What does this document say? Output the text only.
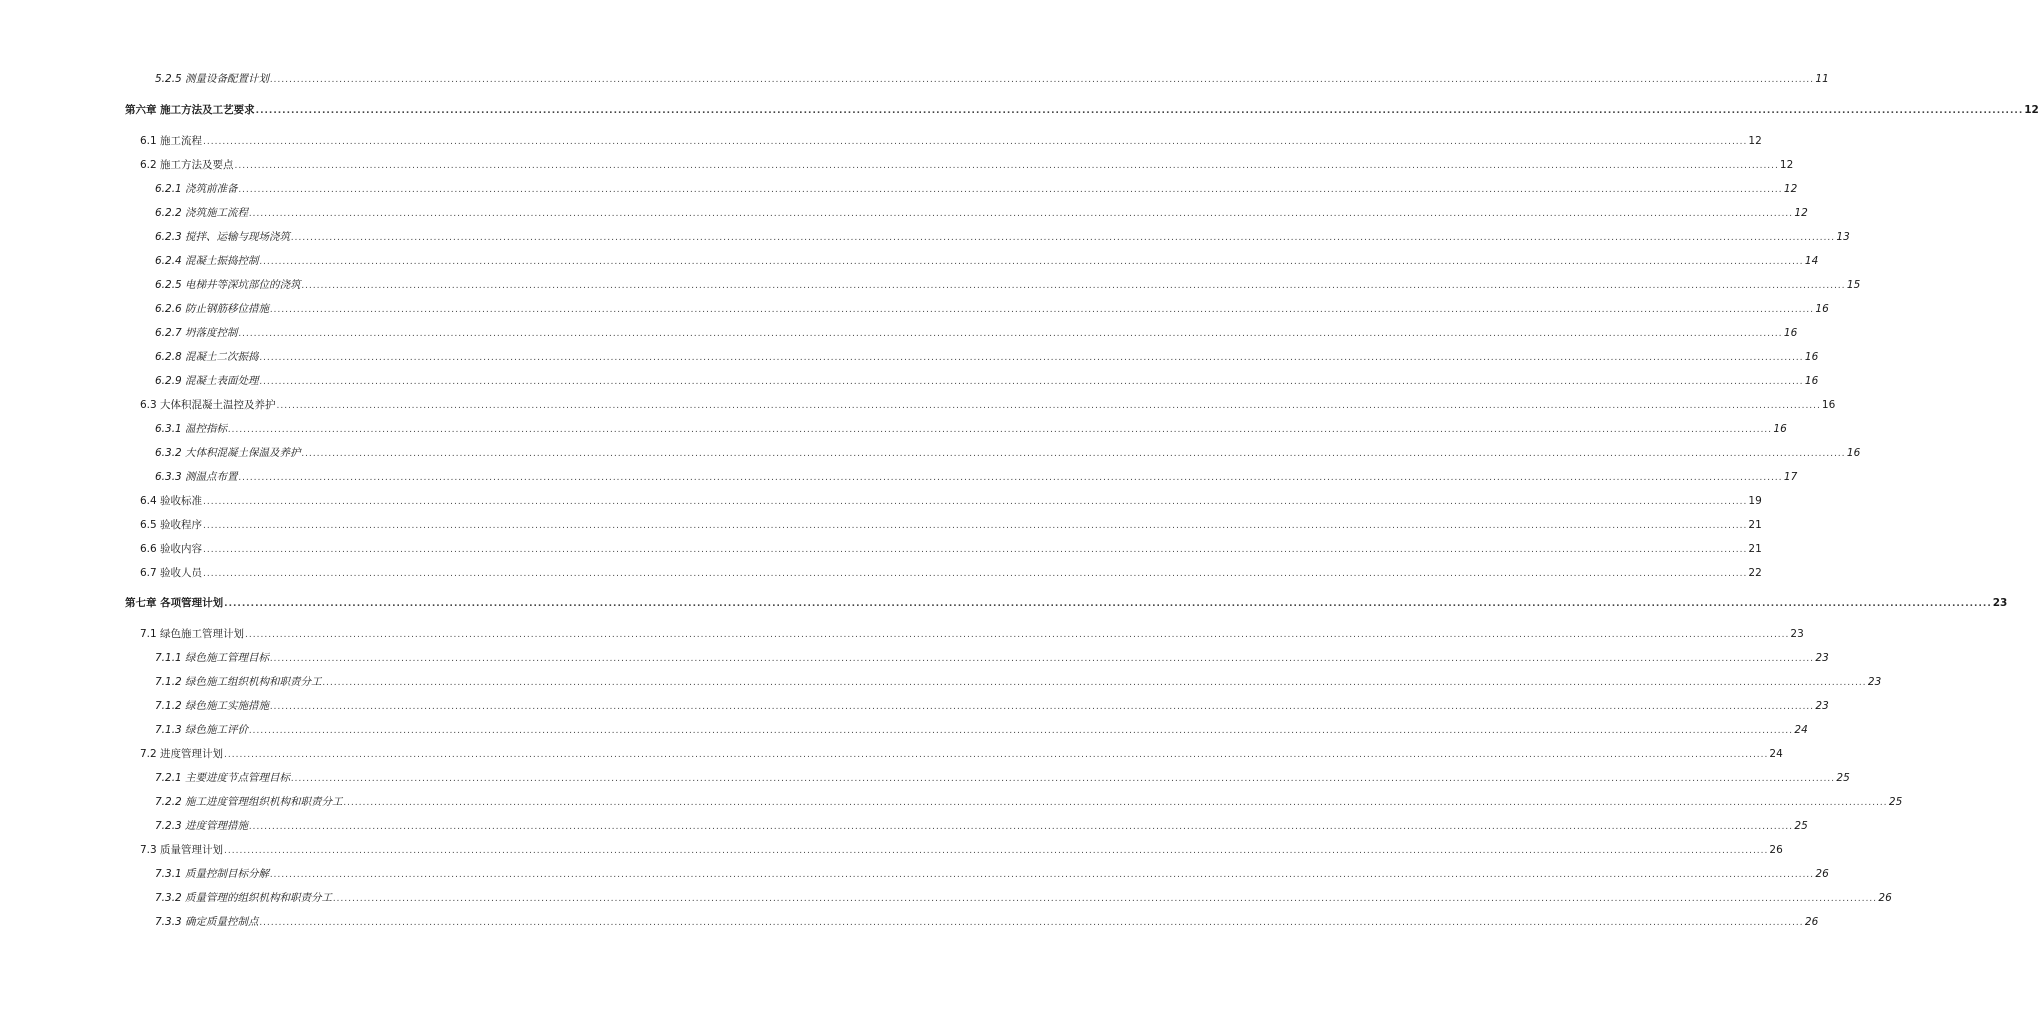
5.2.5 测量设备配置计划 ................................................................................................................................................................................................................................................................................................................................................................................................................ 11
第六章 施工方法及工艺要求 ................................................................................................................................................................................................................................................................................................................................................................................................................ 12
6.1 施工流程 ................................................................................................................................................................................................................................................................................................................................................................................................................ 12
6.2 施工方法及要点 ................................................................................................................................................................................................................................................................................................................................................................................................................ 12
6.2.1 浇筑前准备 ................................................................................................................................................................................................................................................................................................................................................................................................................ 12
6.2.2 浇筑施工流程 ................................................................................................................................................................................................................................................................................................................................................................................................................ 12
6.2.3 搅拌、运输与现场浇筑 ................................................................................................................................................................................................................................................................................................................................................................................................................ 13
6.2.4 混凝土振捣控制 ................................................................................................................................................................................................................................................................................................................................................................................................................ 14
6.2.5 电梯井等深坑部位的浇筑 ................................................................................................................................................................................................................................................................................................................................................................................................................ 15
6.2.6 防止钢筋移位措施 ................................................................................................................................................................................................................................................................................................................................................................................................................ 16
6.2.7 坍落度控制 ................................................................................................................................................................................................................................................................................................................................................................................................................ 16
6.2.8 混凝土二次振捣 ................................................................................................................................................................................................................................................................................................................................................................................................................ 16
6.2.9 混凝土表面处理 ................................................................................................................................................................................................................................................................................................................................................................................................................ 16
6.3 大体积混凝土温控及养护 ................................................................................................................................................................................................................................................................................................................................................................................................................ 16
6.3.1 温控指标 ................................................................................................................................................................................................................................................................................................................................................................................................................ 16
6.3.2 大体积混凝土保温及养护 ................................................................................................................................................................................................................................................................................................................................................................................................................ 16
6.3.3 测温点布置 ................................................................................................................................................................................................................................................................................................................................................................................................................ 17
6.4 验收标准 ................................................................................................................................................................................................................................................................................................................................................................................................................ 19
6.5 验收程序 ................................................................................................................................................................................................................................................................................................................................................................................................................ 21
6.6 验收内容 ................................................................................................................................................................................................................................................................................................................................................................................................................ 21
6.7 验收人员 ................................................................................................................................................................................................................................................................................................................................................................................................................ 22
第七章 各项管理计划 ................................................................................................................................................................................................................................................................................................................................................................................................................ 23
7.1 绿色施工管理计划 ................................................................................................................................................................................................................................................................................................................................................................................................................ 23
7.1.1 绿色施工管理目标 ................................................................................................................................................................................................................................................................................................................................................................................................................ 23
7.1.2 绿色施工组织机构和职责分工 ................................................................................................................................................................................................................................................................................................................................................................................................................ 23
7.1.2 绿色施工实施措施 ................................................................................................................................................................................................................................................................................................................................................................................................................ 23
7.1.3 绿色施工评价 ................................................................................................................................................................................................................................................................................................................................................................................................................ 24
7.2 进度管理计划 ................................................................................................................................................................................................................................................................................................................................................................................................................ 24
7.2.1 主要进度节点管理目标 ................................................................................................................................................................................................................................................................................................................................................................................................................ 25
7.2.2 施工进度管理组织机构和职责分工 ................................................................................................................................................................................................................................................................................................................................................................................................................ 25
7.2.3 进度管理措施 ................................................................................................................................................................................................................................................................................................................................................................................................................ 25
7.3 质量管理计划 ................................................................................................................................................................................................................................................................................................................................................................................................................ 26
7.3.1 质量控制目标分解 ................................................................................................................................................................................................................................................................................................................................................................................................................ 26
7.3.2 质量管理的组织机构和职责分工 ................................................................................................................................................................................................................................................................................................................................................................................................................ 26
7.3.3 确定质量控制点 ................................................................................................................................................................................................................................................................................................................................................................................................................ 26
